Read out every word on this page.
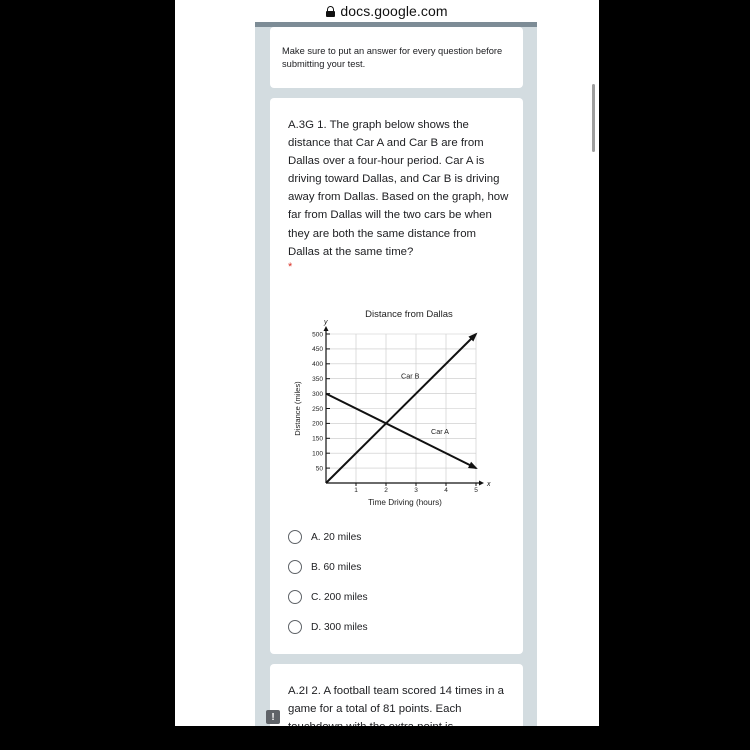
docs.google.com
Make sure to put an answer for every question before submitting your test.
A.3G 1. The graph below shows the distance that Car A and Car B are from Dallas over a four-hour period. Car A is driving toward Dallas, and Car B is driving away from Dallas. Based on the graph, how far from Dallas will the two cars be when they are both the same distance from Dallas at the same time?
*
x
y
Distance from Dallas
Time Driving (hours)
Distance (miles)
50
100
150
200
250
300
350
400
450
500
1	2	3	4	5
Car B
Car A
A. 20 miles
B. 60 miles
C. 200 miles
D. 300 miles
A.2I 2. A football team scored 14 times in a game for a total of 81 points. Each
!
